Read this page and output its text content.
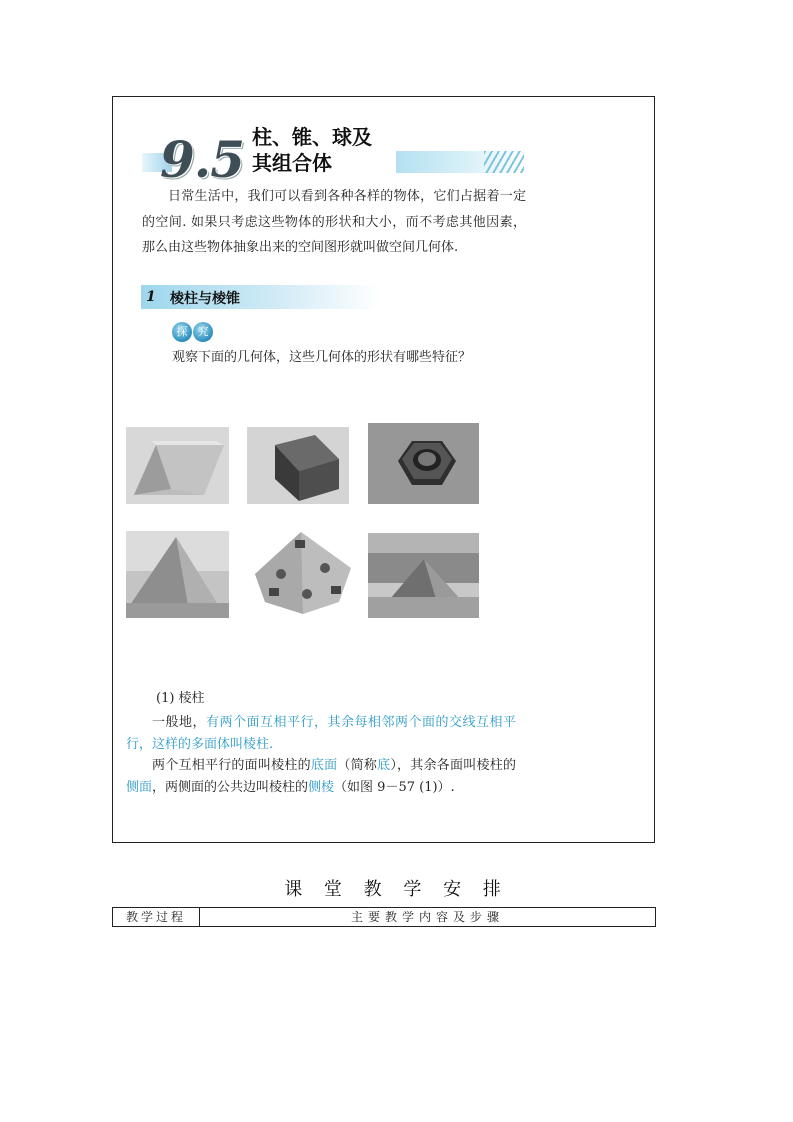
9.5 柱、锥、球及
其组合体

日常生活中，我们可以看到各种各样的物体，它们占据着一定的空间. 如果只考虑这些物体的形状和大小，而不考虑其他因素，那么由这些物体抽象出来的空间图形就叫做空间几何体.

1 棱柱与棱锥
探 究

观察下面的几何体，这些几何体的形状有哪些特征？

(1) 棱柱

一般地，有两个面互相平行，其余每相邻两个面的交线互相平行，这样的多面体叫棱柱.

两个互相平行的面叫棱柱的底面（简称底），其余各面叫棱柱的侧面，两侧面的公共边叫棱柱的侧棱（如图 9－57 (1)）.

课 堂 教 学 安 排
教学过程	主要教学内容及步骤
